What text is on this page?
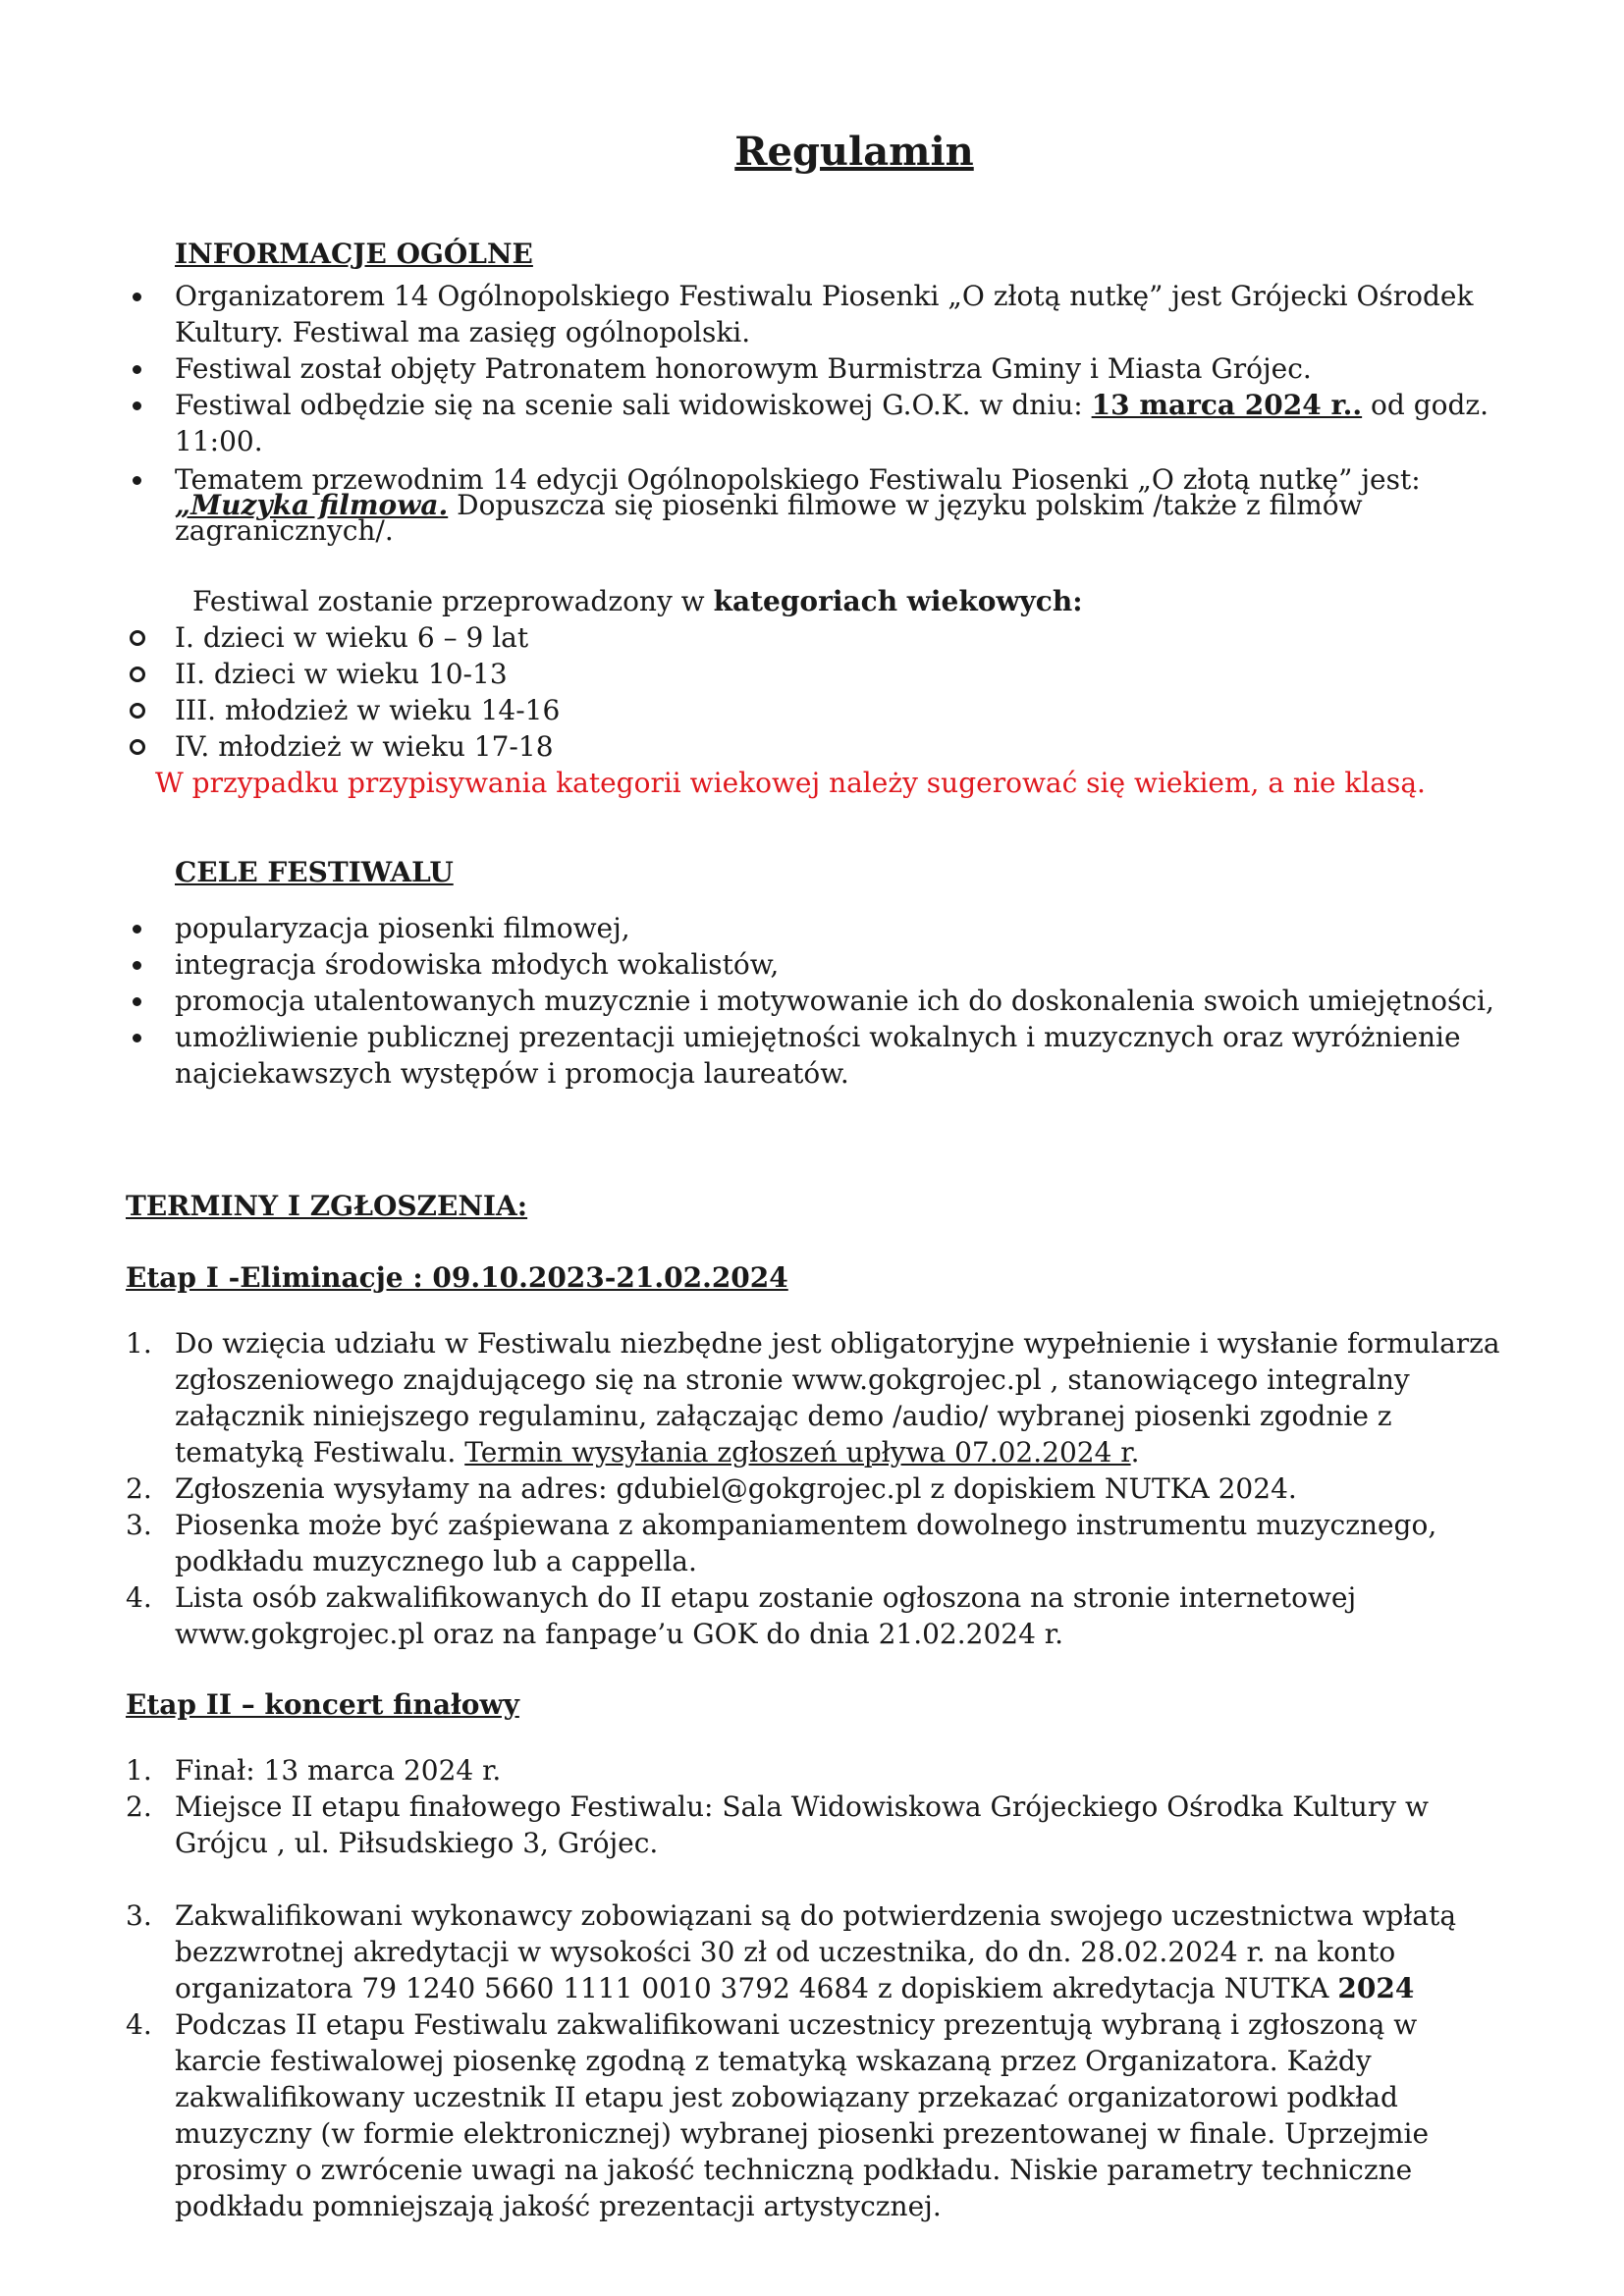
Regulamin
INFORMACJE OGÓLNE
Organizatorem 14 Ogólnopolskiego Festiwalu Piosenki „O złotą nutkę” jest Grójecki Ośrodek Kultury. Festiwal ma zasięg ogólnopolski.
Festiwal został objęty Patronatem honorowym Burmistrza Gminy i Miasta Grójec.
Festiwal odbędzie się na scenie sali widowiskowej G.O.K. w dniu: 13 marca 2024 r.. od godz. 11:00.
Tematem przewodnim 14 edycji Ogólnopolskiego Festiwalu Piosenki „O złotą nutkę” jest:
„Muzyka filmowa. Dopuszcza się piosenki filmowe w języku polskim /także z filmów zagranicznych/.
Festiwal zostanie przeprowadzony w kategoriach wiekowych:
I. dzieci w wieku 6 – 9 lat
II. dzieci w wieku 10-13
III. młodzież w wieku 14-16
IV. młodzież w wieku 17-18
W przypadku przypisywania kategorii wiekowej należy sugerować się wiekiem, a nie klasą.
CELE FESTIWALU
popularyzacja piosenki filmowej,
integracja środowiska młodych wokalistów,
promocja utalentowanych muzycznie i motywowanie ich do doskonalenia swoich umiejętności,
umożliwienie publicznej prezentacji umiejętności wokalnych i muzycznych oraz wyróżnienie najciekawszych występów i promocja laureatów.
TERMINY I ZGŁOSZENIA:
Etap I -Eliminacje : 09.10.2023-21.02.2024
1. Do wzięcia udziału w Festiwalu niezbędne jest obligatoryjne wypełnienie i wysłanie formularza zgłoszeniowego znajdującego się na stronie www.gokgrojec.pl , stanowiącego integralny załącznik niniejszego regulaminu, załączając demo /audio/ wybranej piosenki zgodnie z tematyką Festiwalu. Termin wysyłania zgłoszeń upływa 07.02.2024 r.
2. Zgłoszenia wysyłamy na adres: gdubiel@gokgrojec.pl z dopiskiem NUTKA 2024.
3. Piosenka może być zaśpiewana z akompaniamentem dowolnego instrumentu muzycznego, podkładu muzycznego lub a cappella.
4. Lista osób zakwalifikowanych do II etapu zostanie ogłoszona na stronie internetowej www.gokgrojec.pl oraz na fanpage’u GOK do dnia 21.02.2024 r.
Etap II – koncert finałowy
1. Finał: 13 marca 2024 r.
2. Miejsce II etapu finałowego Festiwalu: Sala Widowiskowa Grójeckiego Ośrodka Kultury w Grójcu , ul. Piłsudskiego 3, Grójec.
3. Zakwalifikowani wykonawcy zobowiązani są do potwierdzenia swojego uczestnictwa wpłatą bezzwrotnej akredytacji w wysokości 30 zł od uczestnika, do dn. 28.02.2024 r. na konto organizatora 79 1240 5660 1111 0010 3792 4684 z dopiskiem akredytacja NUTKA 2024
4. Podczas II etapu Festiwalu zakwalifikowani uczestnicy prezentują wybraną i zgłoszoną w karcie festiwalowej piosenkę zgodną z tematyką wskazaną przez Organizatora. Każdy zakwalifikowany uczestnik II etapu jest zobowiązany przekazać organizatorowi podkład muzyczny (w formie elektronicznej) wybranej piosenki prezentowanej w finale. Uprzejmie prosimy o zwrócenie uwagi na jakość techniczną podkładu. Niskie parametry techniczne podkładu pomniejszają jakość prezentacji artystycznej.
